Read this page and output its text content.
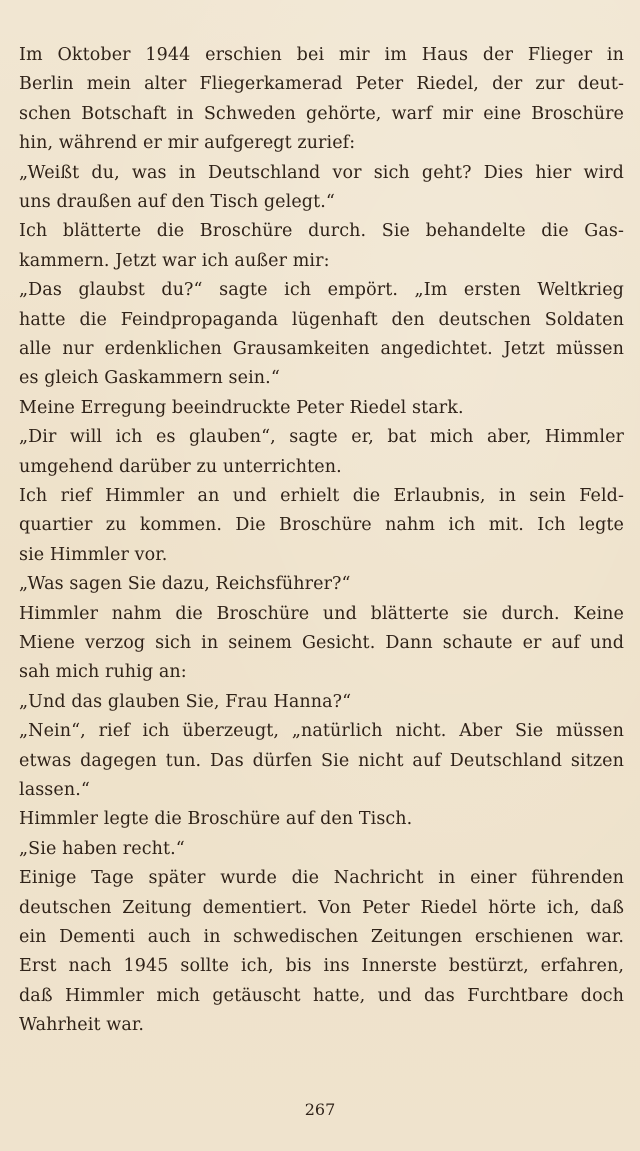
Im Oktober 1944 erschien bei mir im Haus der Flieger in
Berlin mein alter Fliegerkamerad Peter Riedel, der zur deut-
schen Botschaft in Schweden gehörte, warf mir eine Broschüre
hin, während er mir aufgeregt zurief:
„Weißt du, was in Deutschland vor sich geht? Dies hier wird
uns draußen auf den Tisch gelegt.“
Ich blätterte die Broschüre durch. Sie behandelte die Gas-
kammern. Jetzt war ich außer mir:
„Das glaubst du?“ sagte ich empört. „Im ersten Weltkrieg
hatte die Feindpropaganda lügenhaft den deutschen Soldaten
alle nur erdenklichen Grausamkeiten angedichtet. Jetzt müssen
es gleich Gaskammern sein.“
Meine Erregung beeindruckte Peter Riedel stark.
„Dir will ich es glauben“, sagte er, bat mich aber, Himmler
umgehend darüber zu unterrichten.
Ich rief Himmler an und erhielt die Erlaubnis, in sein Feld-
quartier zu kommen. Die Broschüre nahm ich mit. Ich legte
sie Himmler vor.
„Was sagen Sie dazu, Reichsführer?“
Himmler nahm die Broschüre und blätterte sie durch. Keine
Miene verzog sich in seinem Gesicht. Dann schaute er auf und
sah mich ruhig an:
„Und das glauben Sie, Frau Hanna?“
„Nein“, rief ich überzeugt, „natürlich nicht. Aber Sie müssen
etwas dagegen tun. Das dürfen Sie nicht auf Deutschland sitzen
lassen.“
Himmler legte die Broschüre auf den Tisch.
„Sie haben recht.“
Einige Tage später wurde die Nachricht in einer führenden
deutschen Zeitung dementiert. Von Peter Riedel hörte ich, daß
ein Dementi auch in schwedischen Zeitungen erschienen war.
Erst nach 1945 sollte ich, bis ins Innerste bestürzt, erfahren,
daß Himmler mich getäuscht hatte, und das Furchtbare doch
Wahrheit war.
267
